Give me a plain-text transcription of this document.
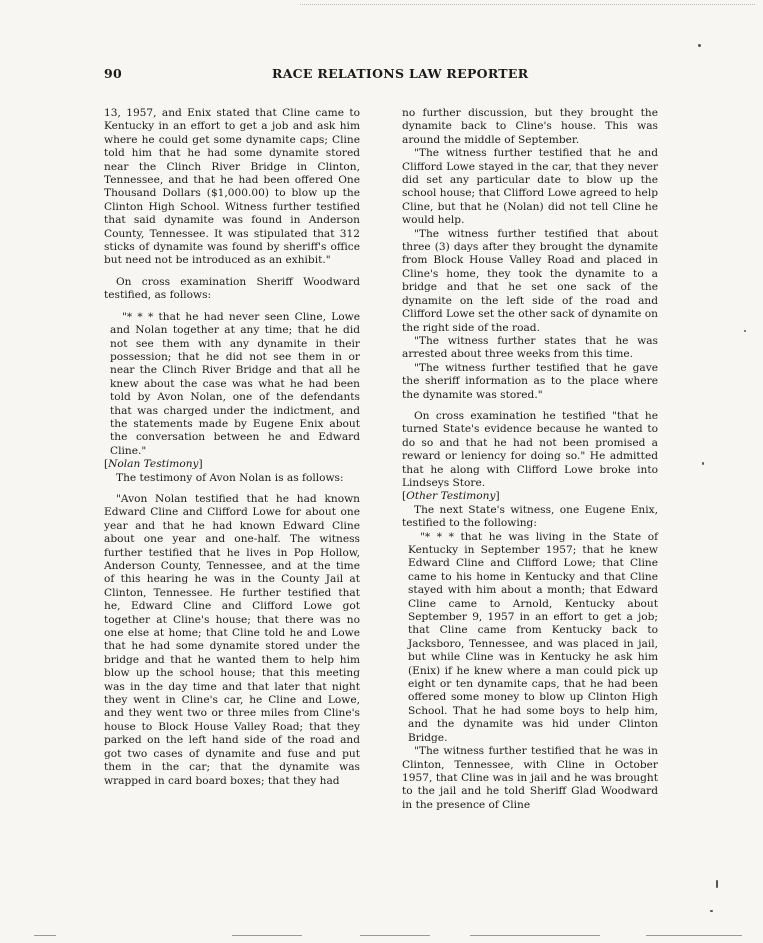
90	RACE RELATIONS LAW REPORTER

13, 1957, and Enix stated that Cline came to Kentucky in an effort to get a job and ask him where he could get some dynamite caps; Cline told him that he had some dynamite stored near the Clinch River Bridge in Clinton, Tennessee, and that he had been offered One Thousand Dollars ($1,000.00) to blow up the Clinton High School. Witness further testified that said dynamite was found in Anderson County, Tennessee. It was stipulated that 312 sticks of dynamite was found by sheriff's office but need not be introduced as an exhibit."

On cross examination Sheriff Woodward testified, as follows:

"* * * that he had never seen Cline, Lowe and Nolan together at any time; that he did not see them with any dynamite in their possession; that he did not see them in or near the Clinch River Bridge and that all he knew about the case was what he had been told by Avon Nolan, one of the defendants that was charged under the indictment, and the statements made by Eugene Enix about the conversation between he and Edward Cline."

[Nolan Testimony]

The testimony of Avon Nolan is as follows:

"Avon Nolan testified that he had known Edward Cline and Clifford Lowe for about one year and that he had known Edward Cline about one year and one-half. The witness further testified that he lives in Pop Hollow, Anderson County, Tennessee, and at the time of this hearing he was in the County Jail at Clinton, Tennessee. He further testified that he, Edward Cline and Clifford Lowe got together at Cline's house; that there was no one else at home; that Cline told he and Lowe that he had some dynamite stored under the bridge and that he wanted them to help him blow up the school house; that this meeting was in the day time and that later that night they went in Cline's car, he Cline and Lowe, and they went two or three miles from Cline's house to Block House Valley Road; that they parked on the left hand side of the road and got two cases of dynamite and fuse and put them in the car; that the dynamite was wrapped in card board boxes; that they had

no further discussion, but they brought the dynamite back to Cline's house. This was around the middle of September.

"The witness further testified that he and Clifford Lowe stayed in the car, that they never did set any particular date to blow up the school house; that Clifford Lowe agreed to help Cline, but that he (Nolan) did not tell Cline he would help.

"The witness further testified that about three (3) days after they brought the dynamite from Block House Valley Road and placed in Cline's home, they took the dynamite to a bridge and that he set one sack of the dynamite on the left side of the road and Clifford Lowe set the other sack of dynamite on the right side of the road.

"The witness further states that he was arrested about three weeks from this time.

"The witness further testified that he gave the sheriff information as to the place where the dynamite was stored."

On cross examination he testified "that he turned State's evidence because he wanted to do so and that he had not been promised a reward or leniency for doing so." He admitted that he along with Clifford Lowe broke into Lindseys Store.

[Other Testimony]

The next State's witness, one Eugene Enix, testified to the following:

"* * * that he was living in the State of Kentucky in September 1957; that he knew Edward Cline and Clifford Lowe; that Cline came to his home in Kentucky and that Cline stayed with him about a month; that Edward Cline came to Arnold, Kentucky about September 9, 1957 in an effort to get a job; that Cline came from Kentucky back to Jacksboro, Tennessee, and was placed in jail, but while Cline was in Kentucky he ask him (Enix) if he knew where a man could pick up eight or ten dynamite caps, that he had been offered some money to blow up Clinton High School. That he had some boys to help him, and the dynamite was hid under Clinton Bridge.

"The witness further testified that he was in Clinton, Tennessee, with Cline in October 1957, that Cline was in jail and he was brought to the jail and he told Sheriff Glad Woodward in the presence of Cline
